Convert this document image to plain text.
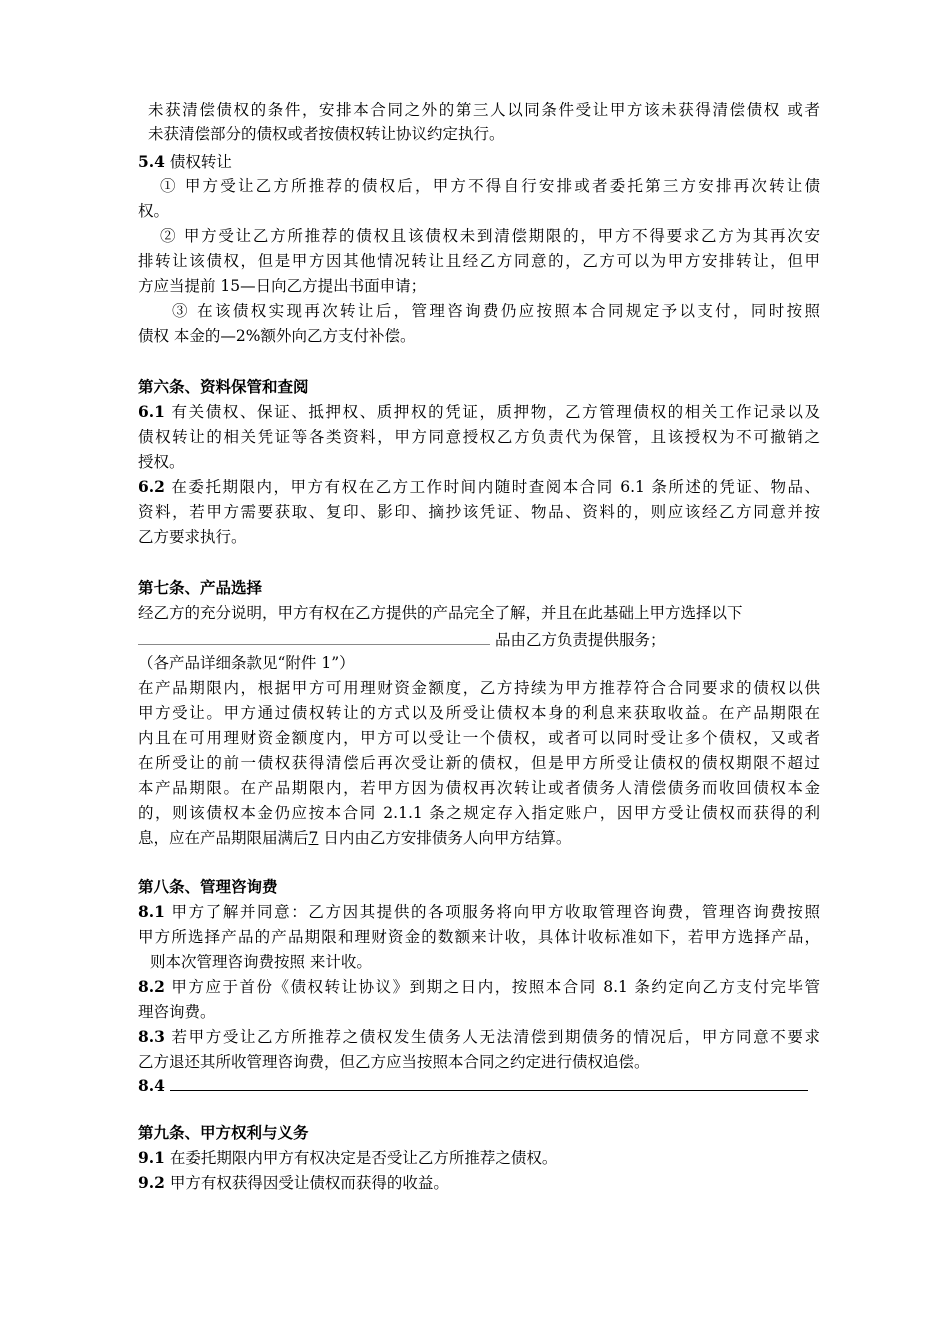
未获清偿债权的条件，安排本合同之外的第三人以同条件受让甲方该未获得清偿债权 或者
未获清偿部分的债权或者按债权转让协议约定执行。
5.4 债权转让
① 甲方受让乙方所推荐的债权后，甲方不得自行安排或者委托第三方安排再次转让债
权。
② 甲方受让乙方所推荐的债权且该债权未到清偿期限的，甲方不得要求乙方为其再次安
排转让该债权，但是甲方因其他情况转让且经乙方同意的，乙方可以为甲方安排转让，但甲
方应当提前 15—日向乙方提出书面申请；
③ 在该债权实现再次转让后，管理咨询费仍应按照本合同规定予以支付，同时按照
债权 本金的—2%额外向乙方支付补偿。
第六条、资料保管和查阅
6.1 有关债权、保证、抵押权、质押权的凭证，质押物，乙方管理债权的相关工作记录以及
债权转让的相关凭证等各类资料，甲方同意授权乙方负责代为保管，且该授权为不可撤销之
授权。
6.2 在委托期限内，甲方有权在乙方工作时间内随时查阅本合同 6.1 条所述的凭证、物品、
资料，若甲方需要获取、复印、影印、摘抄该凭证、物品、资料的，则应该经乙方同意并按
乙方要求执行。
第七条、产品选择
经乙方的充分说明，甲方有权在乙方提供的产品完全了解，并且在此基础上甲方选择以下
品由乙方负责提供服务；
（各产品详细条款见“附件 1”）
在产品期限内，根据甲方可用理财资金额度，乙方持续为甲方推荐符合合同要求的债权以供
甲方受让。甲方通过债权转让的方式以及所受让债权本身的利息来获取收益。在产品期限在
内且在可用理财资金额度内，甲方可以受让一个债权，或者可以同时受让多个债权，又或者
在所受让的前一债权获得清偿后再次受让新的债权，但是甲方所受让债权的债权期限不超过
本产品期限。在产品期限内，若甲方因为债权再次转让或者债务人清偿债务而收回债权本金
的，则该债权本金仍应按本合同 2.1.1 条之规定存入指定账户，因甲方受让债权而获得的利
息，应在产品期限届满后7 日内由乙方安排债务人向甲方结算。
第八条、管理咨询费
8.1 甲方了解并同意：乙方因其提供的各项服务将向甲方收取管理咨询费，管理咨询费按照
甲方所选择产品的产品期限和理财资金的数额来计收，具体计收标准如下，若甲方选择产品，
则本次管理咨询费按照 来计收。
8.2 甲方应于首份《债权转让协议》到期之日内，按照本合同 8.1 条约定向乙方支付完毕管
理咨询费。
8.3 若甲方受让乙方所推荐之债权发生债务人无法清偿到期债务的情况后，甲方同意不要求
乙方退还其所收管理咨询费，但乙方应当按照本合同之约定进行债权追偿。
8.4
第九条、甲方权利与义务
9.1 在委托期限内甲方有权决定是否受让乙方所推荐之债权。
9.2 甲方有权获得因受让债权而获得的收益。
